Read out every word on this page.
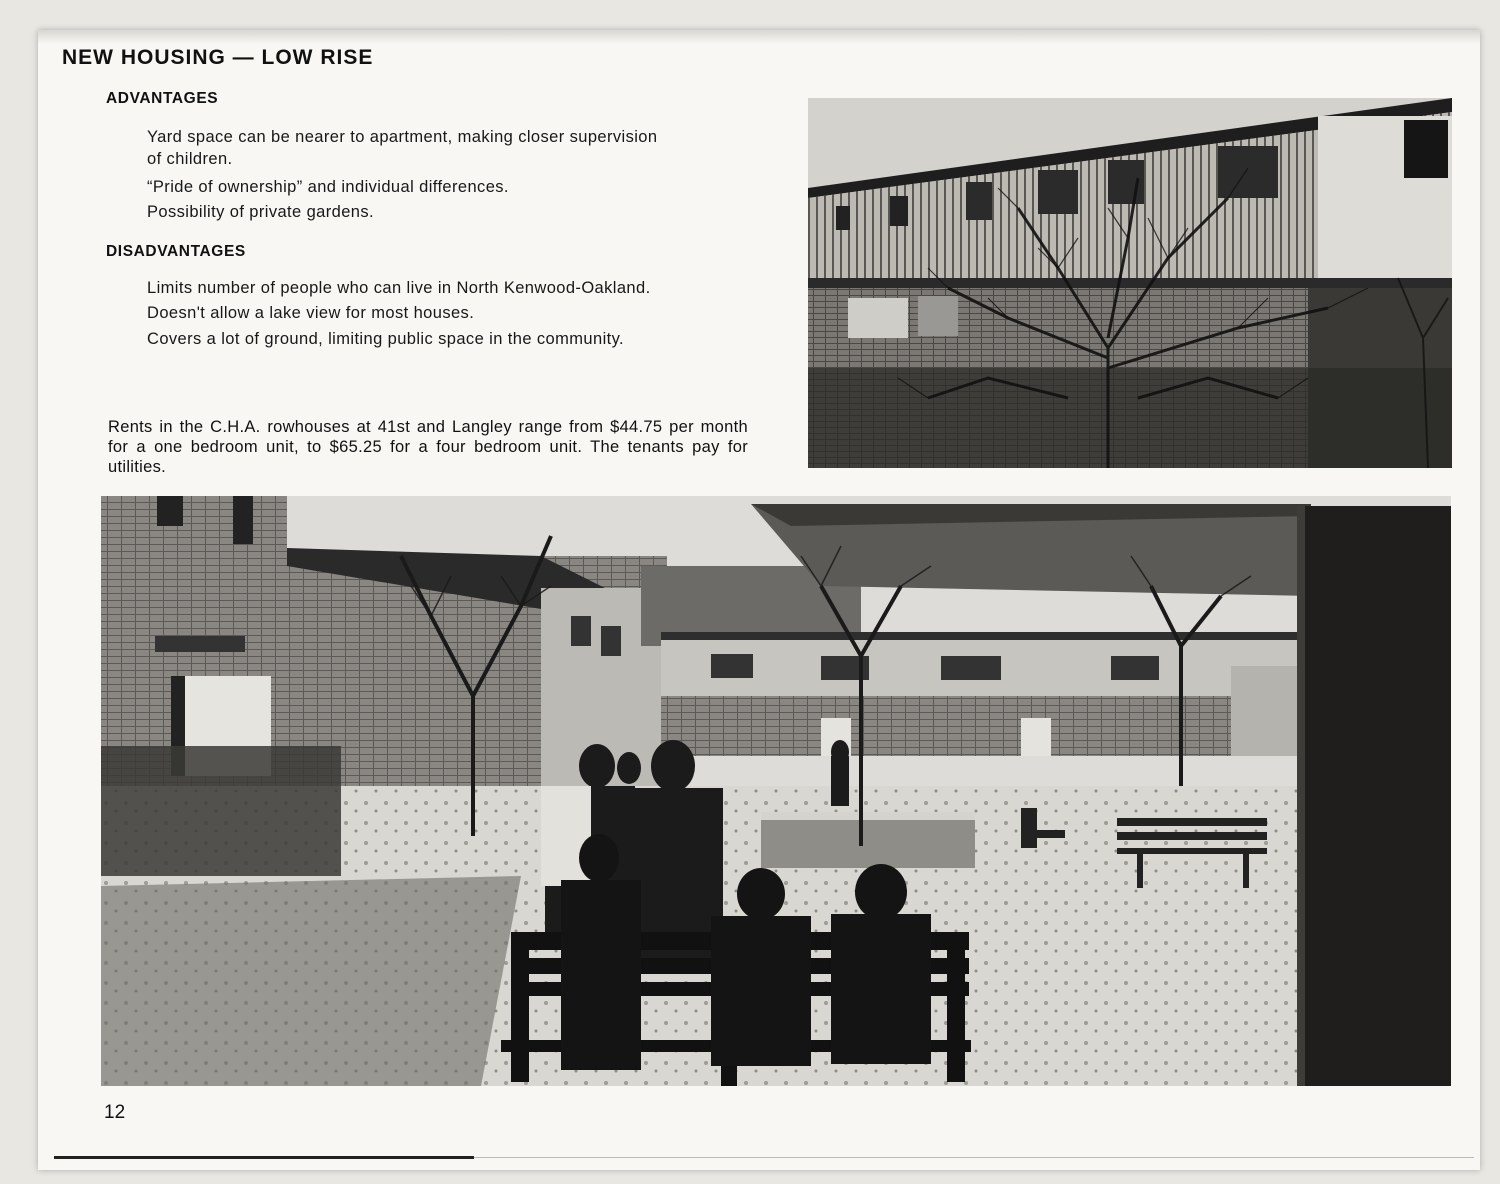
NEW HOUSING — LOW RISE
ADVANTAGES
Yard space can be nearer to apartment, making closer supervision
of children.
“Pride of ownership” and individual differences.
Possibility of private gardens.
DISADVANTAGES
Limits number of people who can live in North Kenwood-Oakland.
Doesn't allow a lake view for most houses.
Covers a lot of ground, limiting public space in the community.
Rents in the C.H.A. rowhouses at 41st and Langley range from $44.75 per month for a one bedroom unit, to $65.25 for a four bedroom unit. The tenants pay for utilities.
12
